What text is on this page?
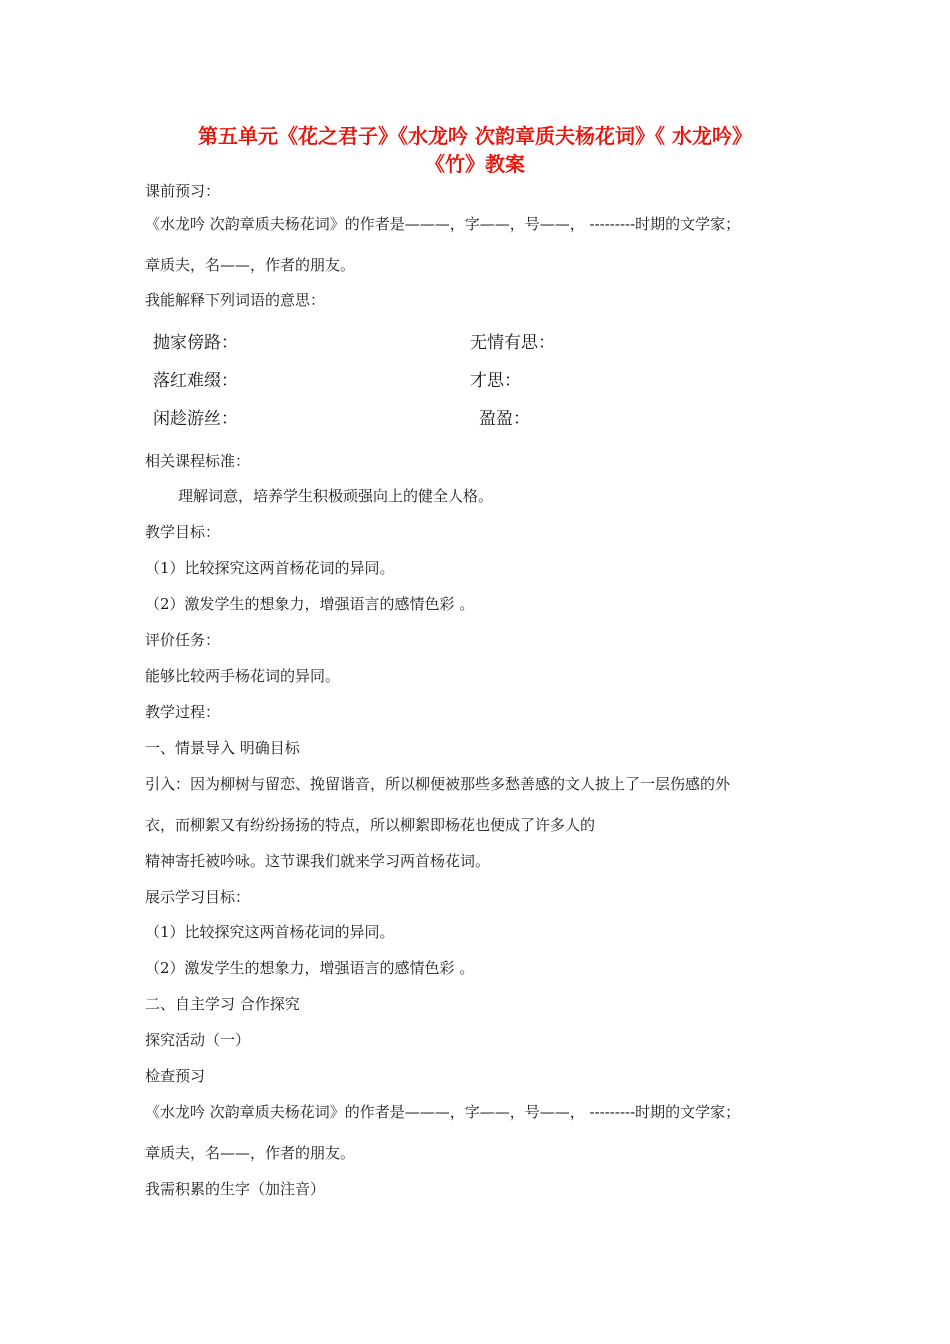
第五单元《花之君子》《水龙吟 次韵章质夫杨花词》《 水龙吟》
《竹》教案
课前预习：
《水龙吟 次韵章质夫杨花词》的作者是———，字——，号——， ---------时期的文学家；
章质夫，名——，作者的朋友。
我能解释下列词语的意思：
抛家傍路：	无情有思：
落红难缀：	才思：
闲趁游丝：	盈盈：
相关课程标准：
理解词意，培养学生积极顽强向上的健全人格。
教学目标：
（1）比较探究这两首杨花词的异同。
（2）激发学生的想象力，增强语言的感情色彩 。
评价任务：
能够比较两手杨花词的异同。
教学过程：
一、情景导入 明确目标
引入：因为柳树与留恋、挽留谐音，所以柳便被那些多愁善感的文人披上了一层伤感的外
衣，而柳絮又有纷纷扬扬的特点，所以柳絮即杨花也便成了许多人的
精神寄托被吟咏。这节课我们就来学习两首杨花词。
展示学习目标：
（1）比较探究这两首杨花词的异同。
（2）激发学生的想象力，增强语言的感情色彩 。
二、自主学习 合作探究
探究活动（一）
检查预习
《水龙吟 次韵章质夫杨花词》的作者是———，字——，号——， ---------时期的文学家；
章质夫，名——，作者的朋友。
我需积累的生字（加注音）
